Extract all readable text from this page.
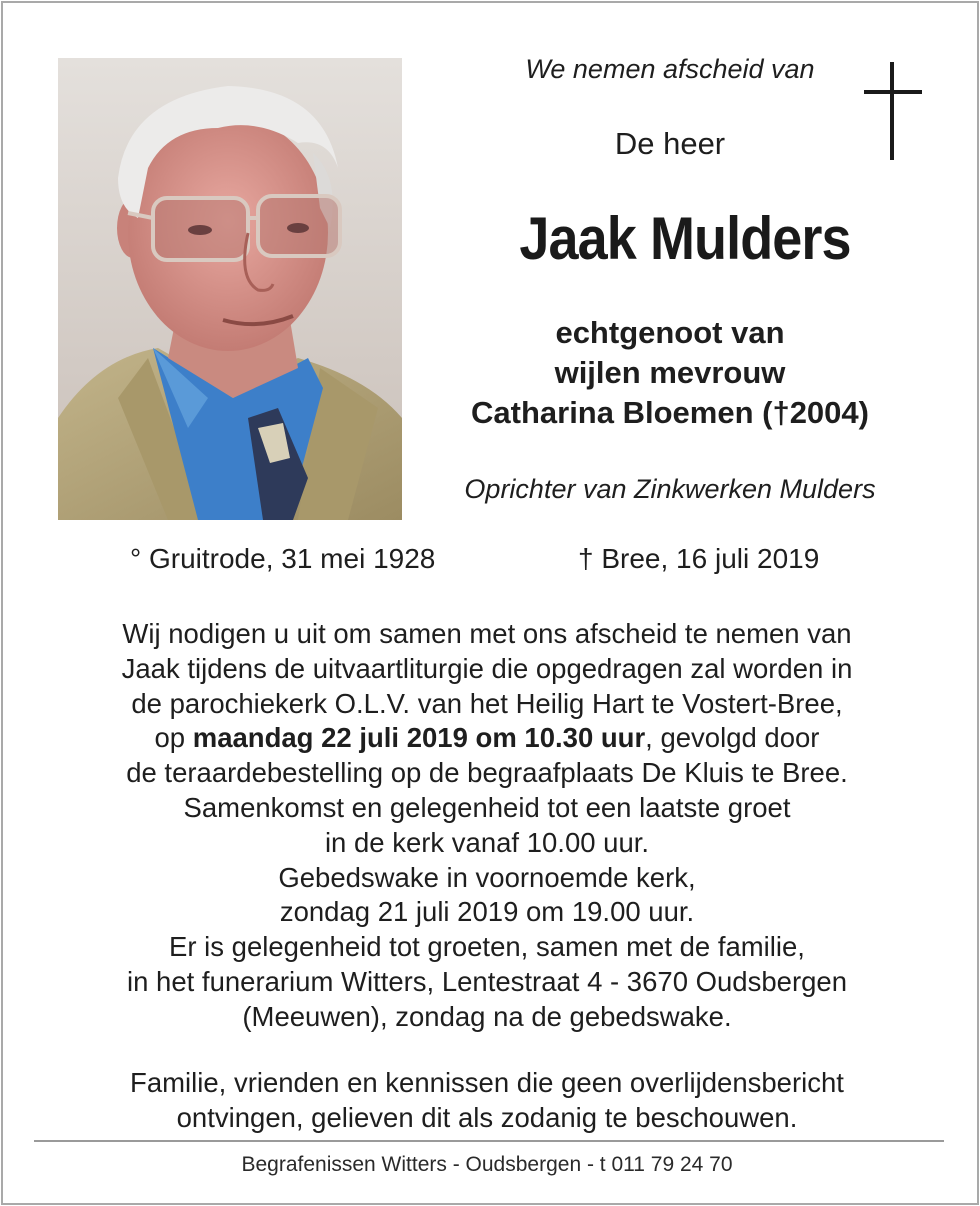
We nemen afscheid van
De heer
Jaak Mulders
echtgenoot van
wijlen mevrouw
Catharina Bloemen (†2004)
Oprichter van Zinkwerken Mulders
° Gruitrode, 31 mei 1928	† Bree, 16 juli 2019

Wij nodigen u uit om samen met ons afscheid te nemen van

Jaak tijdens de uitvaartliturgie die opgedragen zal worden in

de parochiekerk O.L.V. van het Heilig Hart te Vostert-Bree,

op maandag 22 juli 2019 om 10.30 uur, gevolgd door

de teraardebestelling op de begraafplaats De Kluis te Bree.

Samenkomst en gelegenheid tot een laatste groet

in de kerk vanaf 10.00 uur.

Gebedswake in voornoemde kerk,

zondag 21 juli 2019 om 19.00 uur.

Er is gelegenheid tot groeten, samen met de familie,

in het funerarium Witters, Lentestraat 4 - 3670 Oudsbergen

(Meeuwen), zondag na de gebedswake.

Familie, vrienden en kennissen die geen overlijdensbericht
ontvingen, gelieven dit als zodanig te beschouwen.
Begrafenissen Witters - Oudsbergen - t 011 79 24 70
